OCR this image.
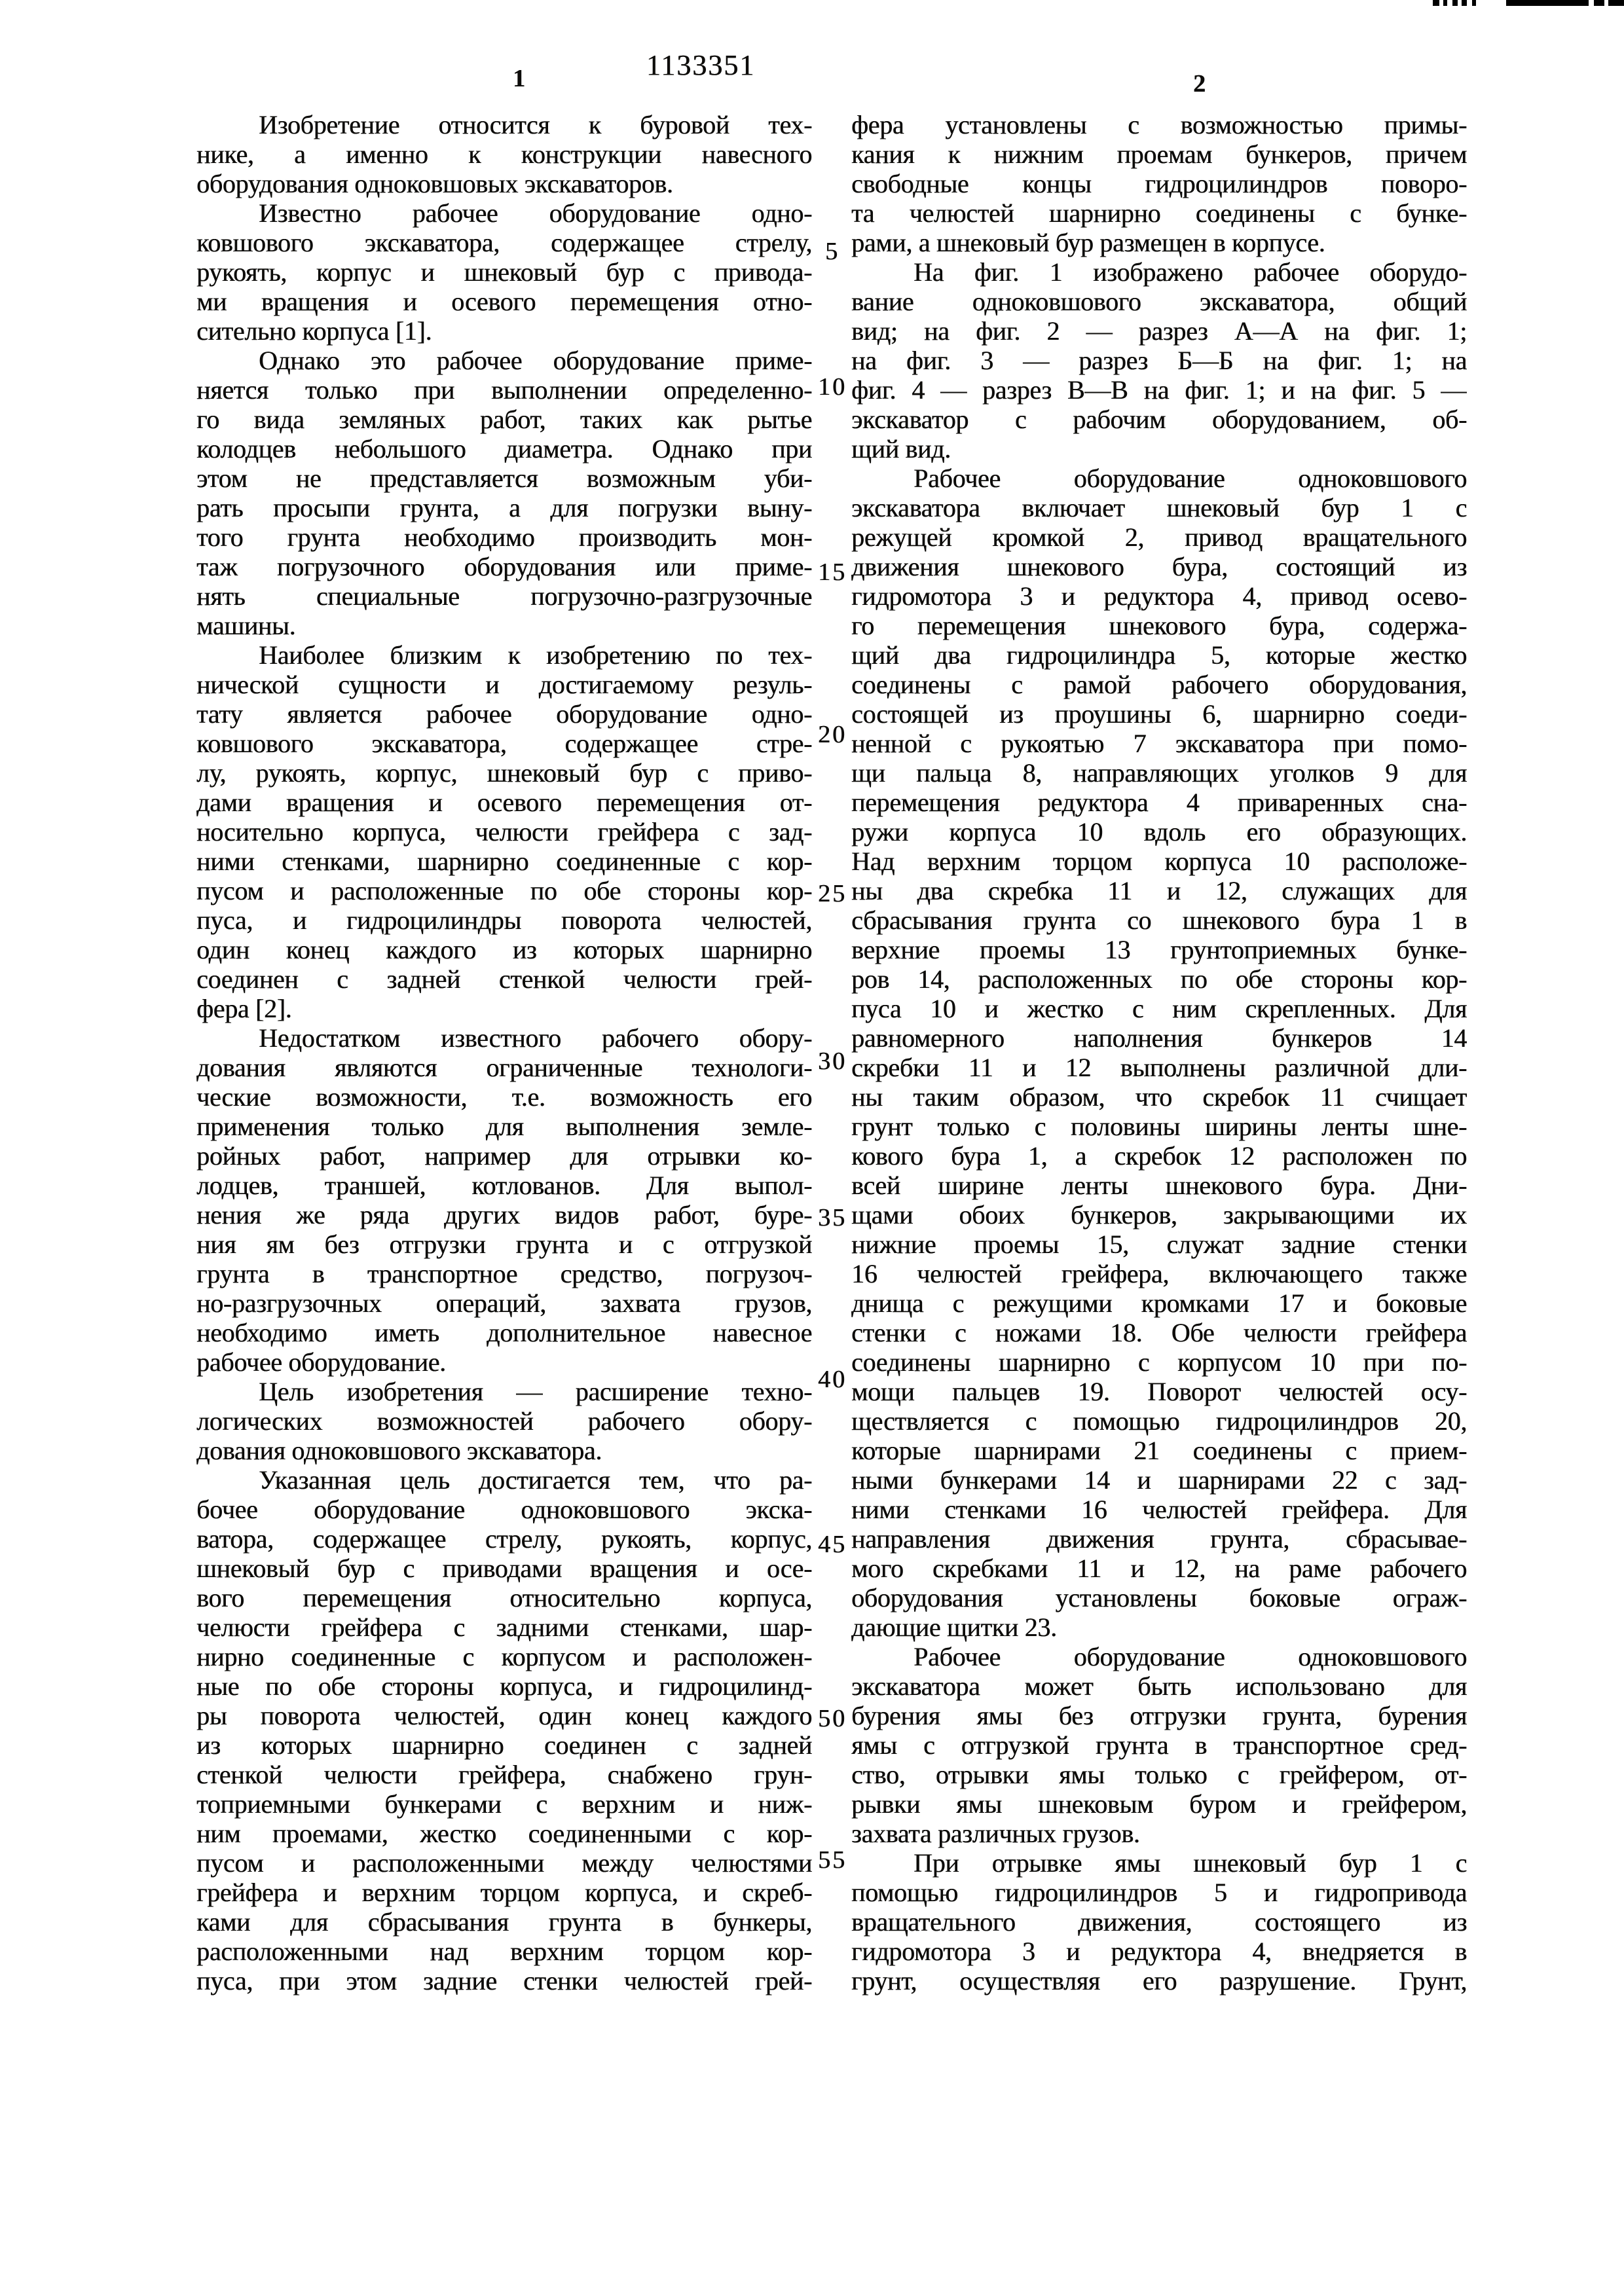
1133351
1	2
Изобретение относится к буровой тех-
нике, а именно к конструкции навесного
оборудования одноковшовых экскаваторов.
Известно рабочее оборудование одно-
ковшового экскаватора, содержащее стрелу,
рукоять, корпус и шнековый бур с привода-
ми вращения и осевого перемещения отно-
сительно корпуса [1].
Однако это рабочее оборудование приме-
няется только при выполнении определенно-
го вида земляных работ, таких как рытье
колодцев небольшого диаметра. Однако при
этом не представляется возможным уби-
рать просыпи грунта, а для погрузки выну-
того грунта необходимо производить мон-
таж погрузочного оборудования или приме-
нять специальные погрузочно-разгрузочные
машины.
Наиболее близким к изобретению по тех-
нической сущности и достигаемому резуль-
тату является рабочее оборудование одно-
ковшового экскаватора, содержащее стре-
лу, рукоять, корпус, шнековый бур с приво-
дами вращения и осевого перемещения от-
носительно корпуса, челюсти грейфера с зад-
ними стенками, шарнирно соединенные с кор-
пусом и расположенные по обе стороны кор-
пуса, и гидроцилиндры поворота челюстей,
один конец каждого из которых шарнирно
соединен с задней стенкой челюсти грей-
фера [2].
Недостатком известного рабочего обору-
дования являются ограниченные технологи-
ческие возможности, т.е. возможность его
применения только для выполнения земле-
ройных работ, например для отрывки ко-
лодцев, траншей, котлованов. Для выпол-
нения же ряда других видов работ, буре-
ния ям без отгрузки грунта и с отгрузкой
грунта в транспортное средство, погрузоч-
но-разгрузочных операций, захвата грузов,
необходимо иметь дополнительное навесное
рабочее оборудование.
Цель изобретения — расширение техно-
логических возможностей рабочего обору-
дования одноковшового экскаватора.
Указанная цель достигается тем, что ра-
бочее оборудование одноковшового экска-
ватора, содержащее стрелу, рукоять, корпус,
шнековый бур с приводами вращения и осе-
вого перемещения относительно корпуса,
челюсти грейфера с задними стенками, шар-
нирно соединенные с корпусом и расположен-
ные по обе стороны корпуса, и гидроцилинд-
ры поворота челюстей, один конец каждого
из которых шарнирно соединен с задней
стенкой челюсти грейфера, снабжено грун-
топриемными бункерами с верхним и ниж-
ним проемами, жестко соединенными с кор-
пусом и расположенными между челюстями
грейфера и верхним торцом корпуса, и скреб-
ками для сбрасывания грунта в бункеры,
расположенными над верхним торцом кор-
пуса, при этом задние стенки челюстей грей-
5
10
15
20
25
30
35
40
45
50
55
фера установлены с возможностью примы-
кания к нижним проемам бункеров, причем
свободные концы гидроцилиндров поворо-
та челюстей шарнирно соединены с бунке-
рами, а шнековый бур размещен в корпусе.
На фиг. 1 изображено рабочее оборудо-
вание одноковшового экскаватора, общий
вид; на фиг. 2 — разрез А—А на фиг. 1;
на фиг. 3 — разрез Б—Б на фиг. 1; на
фиг. 4 — разрез В—В на фиг. 1; и на фиг. 5 —
экскаватор с рабочим оборудованием, об-
щий вид.
Рабочее оборудование одноковшового
экскаватора включает шнековый бур 1 с
режущей кромкой 2, привод вращательного
движения шнекового бура, состоящий из
гидромотора 3 и редуктора 4, привод осево-
го перемещения шнекового бура, содержа-
щий два гидроцилиндра 5, которые жестко
соединены с рамой рабочего оборудования,
состоящей из проушины 6, шарнирно соеди-
ненной с рукоятью 7 экскаватора при помо-
щи пальца 8, направляющих уголков 9 для
перемещения редуктора 4 приваренных сна-
ружи корпуса 10 вдоль его образующих.
Над верхним торцом корпуса 10 расположе-
ны два скребка 11 и 12, служащих для
сбрасывания грунта со шнекового бура 1 в
верхние проемы 13 грунтоприемных бунке-
ров 14, расположенных по обе стороны кор-
пуса 10 и жестко с ним скрепленных. Для
равномерного наполнения бункеров 14
скребки 11 и 12 выполнены различной дли-
ны таким образом, что скребок 11 счищает
грунт только с половины ширины ленты шне-
кового бура 1, а скребок 12 расположен по
всей ширине ленты шнекового бура. Дни-
щами обоих бункеров, закрывающими их
нижние проемы 15, служат задние стенки
16 челюстей грейфера, включающего также
днища с режущими кромками 17 и боковые
стенки с ножами 18. Обе челюсти грейфера
соединены шарнирно с корпусом 10 при по-
мощи пальцев 19. Поворот челюстей осу-
ществляется с помощью гидроцилиндров 20,
которые шарнирами 21 соединены с прием-
ными бункерами 14 и шарнирами 22 с зад-
ними стенками 16 челюстей грейфера. Для
направления движения грунта, сбрасывае-
мого скребками 11 и 12, на раме рабочего
оборудования установлены боковые ограж-
дающие щитки 23.
Рабочее оборудование одноковшового
экскаватора может быть использовано для
бурения ямы без отгрузки грунта, бурения
ямы с отгрузкой грунта в транспортное сред-
ство, отрывки ямы только с грейфером, от-
рывки ямы шнековым буром и грейфером,
захвата различных грузов.
При отрывке ямы шнековый бур 1 с
помощью гидроцилиндров 5 и гидропривода
вращательного движения, состоящего из
гидромотора 3 и редуктора 4, внедряется в
грунт, осуществляя его разрушение. Грунт,
